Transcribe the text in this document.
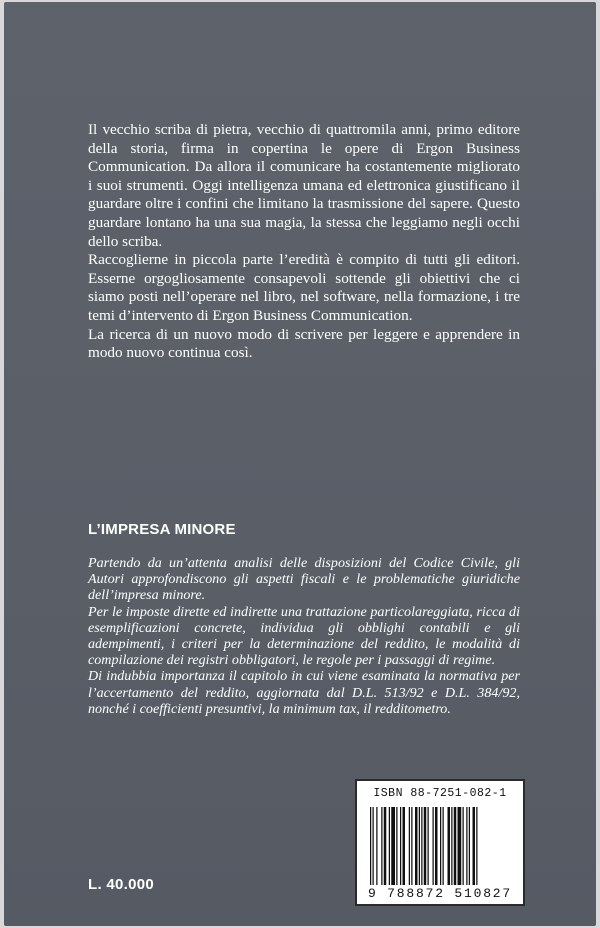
Il vecchio scriba di pietra, vecchio di quattromila anni, primo editore della storia, firma in copertina le opere di Ergon Business Communication. Da allora il comunicare ha costantemente migliorato i suoi strumenti. Oggi intelligenza umana ed elettronica giustificano il guardare oltre i confini che limitano la trasmissione del sapere. Questo guardare lontano ha una sua magia, la stessa che leggiamo negli occhi dello scriba.

Raccoglierne in piccola parte l’eredità è compito di tutti gli editori. Esserne orgogliosamente consapevoli sottende gli obiettivi che ci siamo posti nell’operare nel libro, nel software, nella formazione, i tre temi d’intervento di Ergon Business Communication.

La ricerca di un nuovo modo di scrivere per leggere e apprendere in modo nuovo continua così.

L’IMPRESA MINORE

Partendo da un’attenta analisi delle disposizioni del Codice Civile, gli Autori approfondiscono gli aspetti fiscali e le problematiche giuridiche dell’impresa minore.

Per le imposte dirette ed indirette una trattazione particolareggiata, ricca di esemplificazioni concrete, individua gli obblighi contabili e gli adempimenti, i criteri per la determinazione del reddito, le modalità di compilazione dei registri obbligatori, le regole per i passaggi di regime.

Di indubbia importanza il capitolo in cui viene esaminata la normativa per l’accertamento del reddito, aggiornata dal D.L. 513/92 e D.L. 384/92, nonché i coefficienti presuntivi, la minimum tax, il redditometro.

L. 40.000
ISBN 88-7251-082-1
9 788872 510827
